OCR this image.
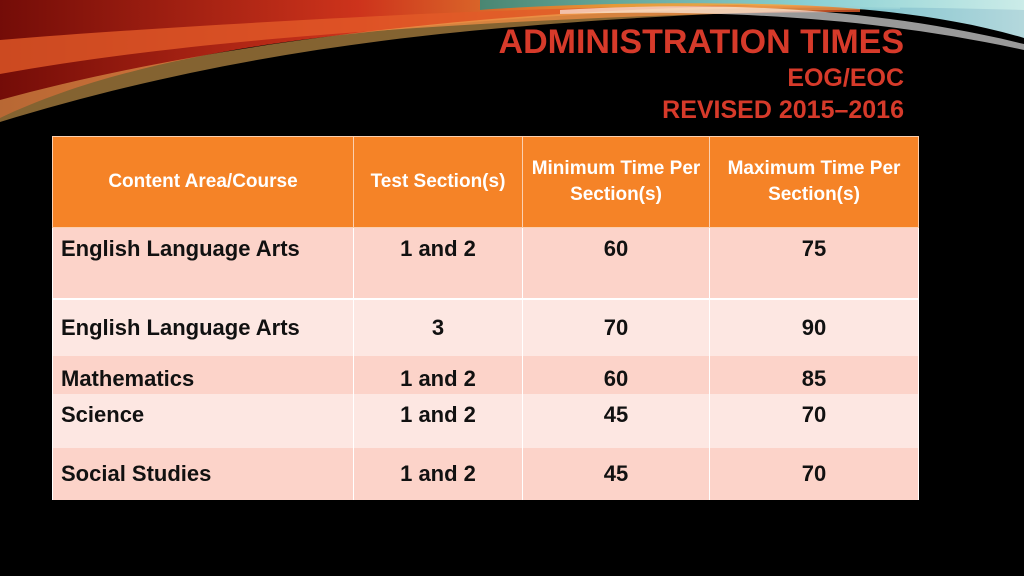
ADMINISTRATION TIMES
EOG/EOC
REVISED 2015–2016
Content Area/Course	Test Section(s)	Minimum Time Per Section(s)	Maximum Time Per Section(s)
English Language Arts	1 and 2	60	75
English Language Arts	3	70	90
Mathematics	1 and 2	60	85
Science	1 and 2	45	70
Social Studies	1 and 2	45	70
